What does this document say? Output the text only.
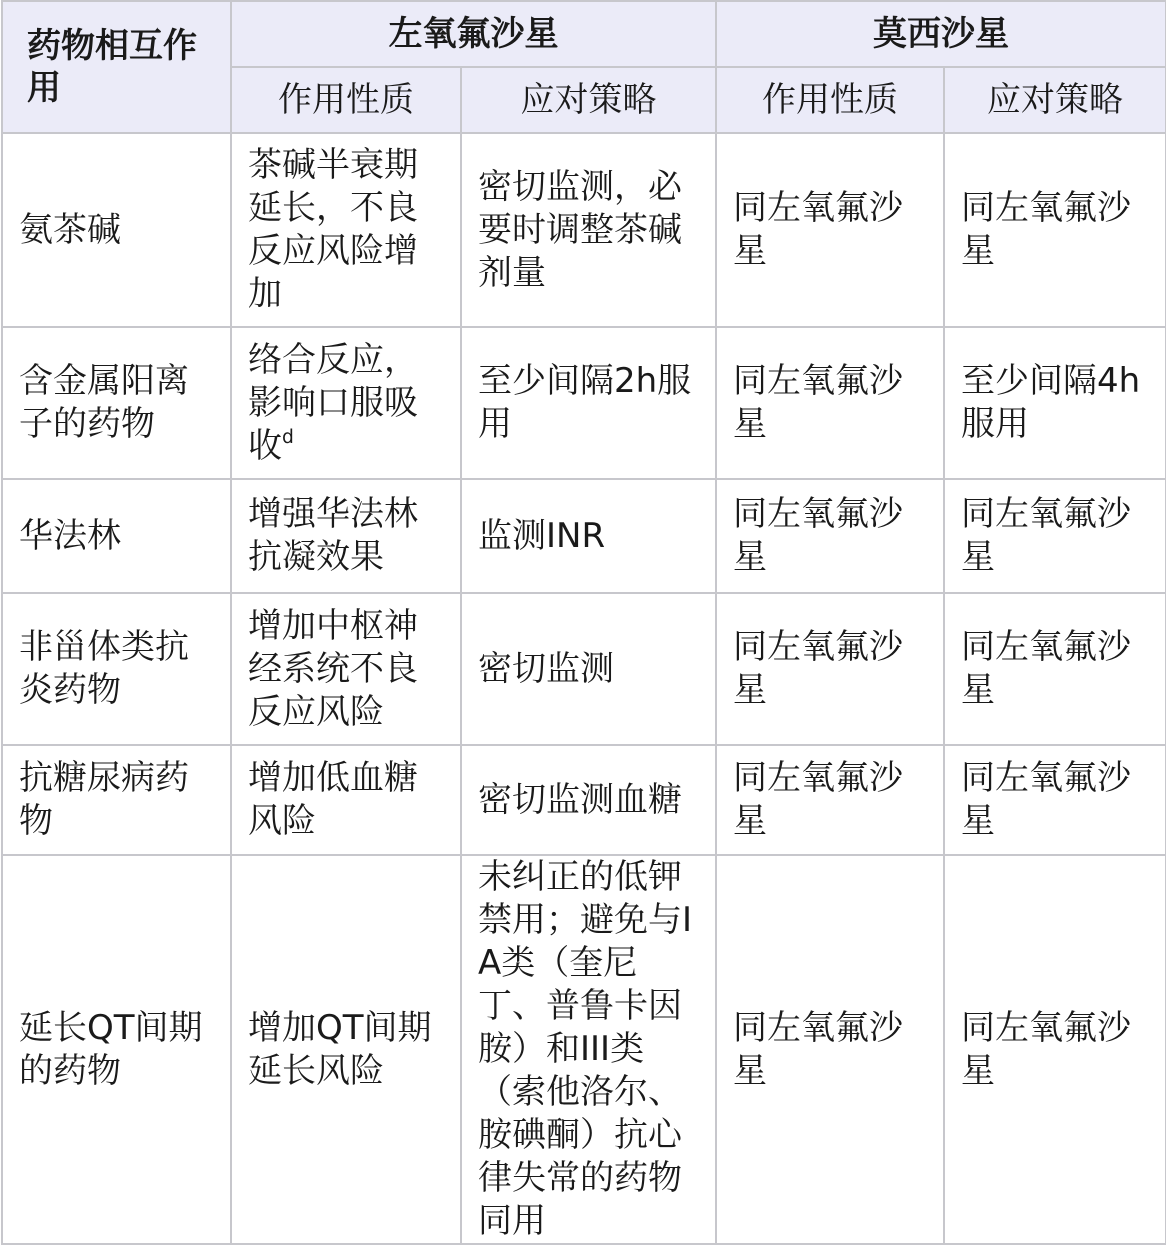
药物相互作用	左氧氟沙星		莫西沙星	
	作用性质	应对策略	作用性质	应对策略
氨茶碱	茶碱半衰期延长，不良反应风险增加	密切监测，必要时调整茶碱剂量	同左氧氟沙星	同左氧氟沙星
含金属阳离子的药物	络合反应，影响口服吸收$^d$	至少间隔2h服用	同左氧氟沙星	至少间隔4h服用
华法林	增强华法林抗凝效果	监测INR	同左氧氟沙星	同左氧氟沙星
非甾体类抗炎药物	增加中枢神经系统不良反应风险	密切监测	同左氧氟沙星	同左氧氟沙星
抗糖尿病药物	增加低血糖风险	密切监测血糖	同左氧氟沙星	同左氧氟沙星
延长QT间期的药物	增加QT间期延长风险	未纠正的低钾禁用；避免与IA类（奎尼丁、普鲁卡因胺）和III类（索他洛尔、胺碘酮）抗心律失常的药物同用	同左氧氟沙星	同左氧氟沙星
